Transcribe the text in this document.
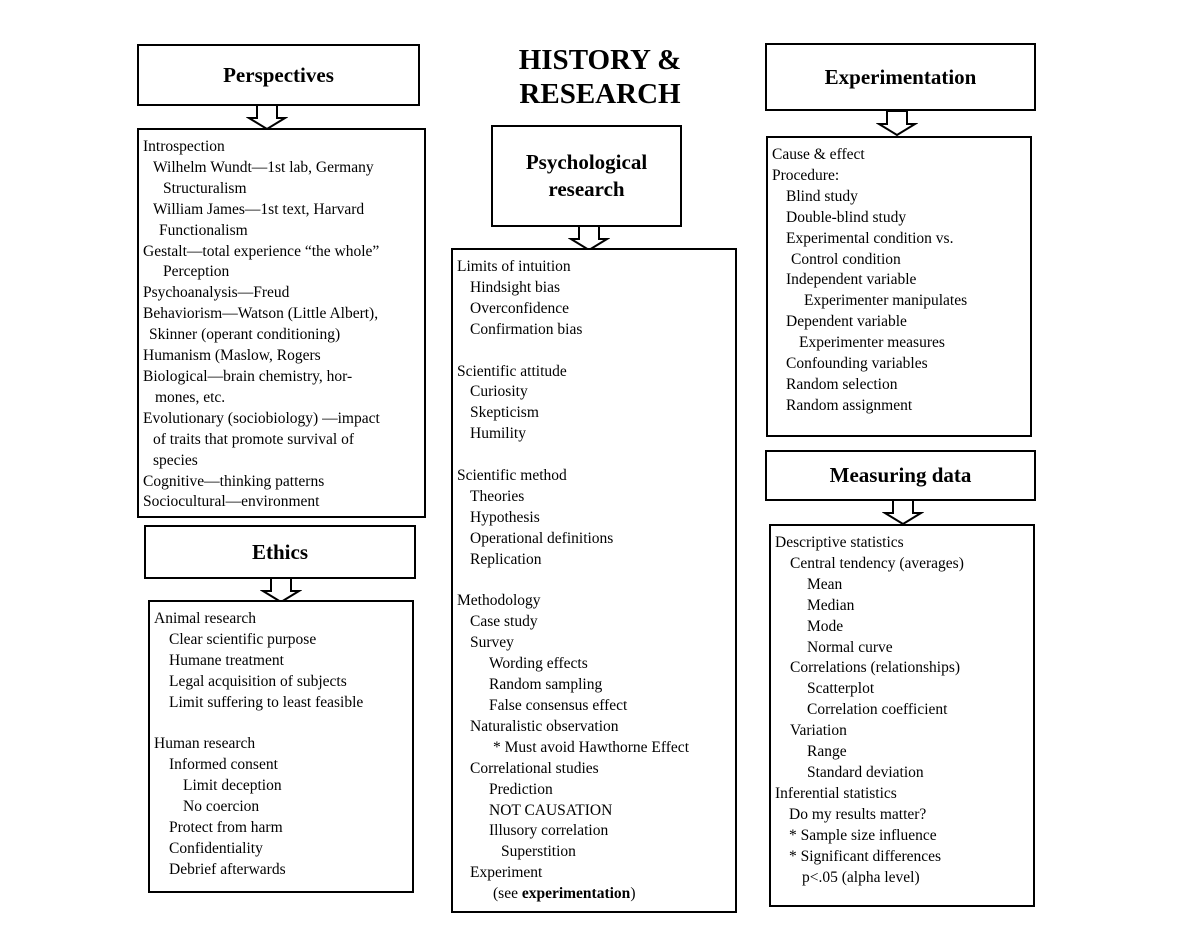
HISTORY &
RESEARCH
Perspectives
Introspection
Wilhelm Wundt—1st lab, Germany
Structuralism
William James—1st text, Harvard
Functionalism
Gestalt—total experience “the whole”
Perception
Psychoanalysis—Freud
Behaviorism—Watson (Little Albert),
Skinner (operant conditioning)
Humanism (Maslow, Rogers
Biological—brain chemistry, hor-
mones, etc.
Evolutionary (sociobiology) —impact
of traits that promote survival of
species
Cognitive—thinking patterns
Sociocultural—environment
Ethics
Animal research
Clear scientific purpose
Humane treatment
Legal acquisition of subjects
Limit suffering to least feasible
Human research
Informed consent
Limit deception
No coercion
Protect from harm
Confidentiality
Debrief afterwards
Psychological
research
Limits of intuition
Hindsight bias
Overconfidence
Confirmation bias
Scientific attitude
Curiosity
Skepticism
Humility
Scientific method
Theories
Hypothesis
Operational definitions
Replication
Methodology
Case study
Survey
Wording effects
Random sampling
False consensus effect
Naturalistic observation
* Must avoid Hawthorne Effect
Correlational studies
Prediction
NOT CAUSATION
Illusory correlation
Superstition
Experiment
(see experimentation)
Experimentation
Cause & effect
Procedure:
Blind study
Double-blind study
Experimental condition vs.
Control condition
Independent variable
Experimenter manipulates
Dependent variable
Experimenter measures
Confounding variables
Random selection
Random assignment
Measuring data
Descriptive statistics
Central tendency (averages)
Mean
Median
Mode
Normal curve
Correlations (relationships)
Scatterplot
Correlation coefficient
Variation
Range
Standard deviation
Inferential statistics
Do my results matter?
* Sample size influence
* Significant differences
p<.05 (alpha level)
